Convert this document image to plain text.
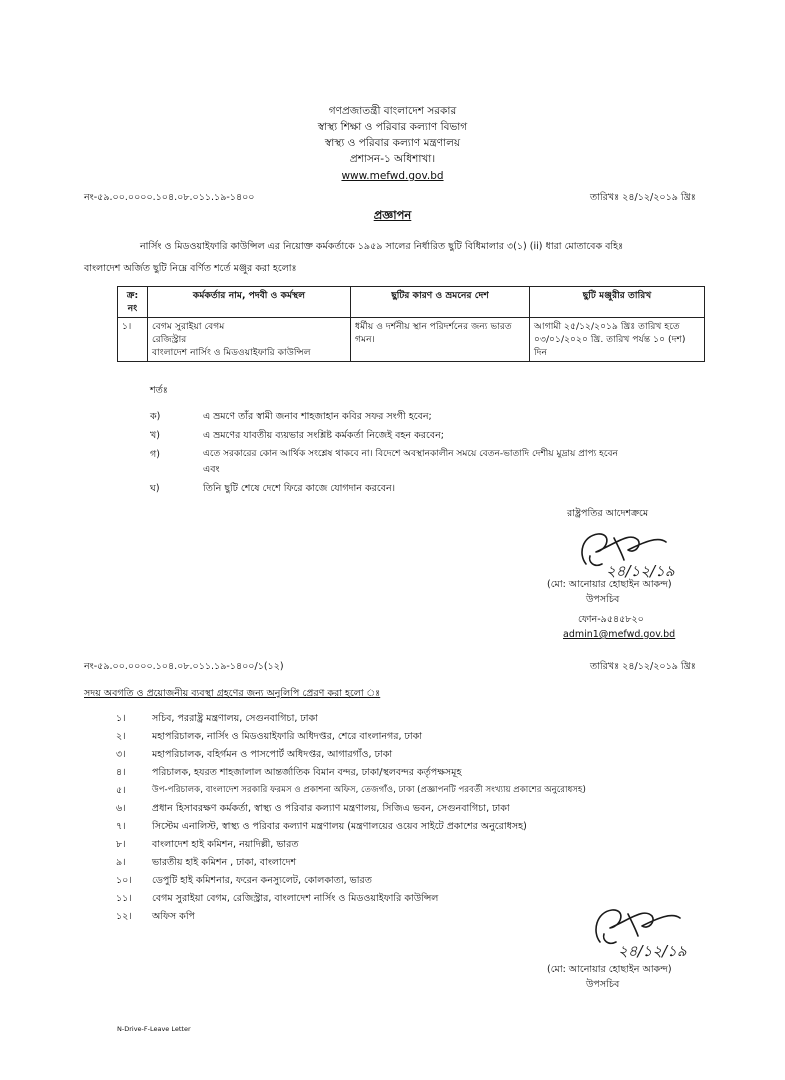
গণপ্রজাতন্ত্রী বাংলাদেশ সরকার
স্বাস্থ্য শিক্ষা ও পরিবার কল্যাণ বিভাগ
স্বাস্থ্য ও পরিবার কল্যাণ মন্ত্রণালয়
প্রশাসন-১ অধিশাখা।
www.mefwd.gov.bd
নং-৫৯.০০.০০০০.১০৪.০৮.০১১.১৯-১৪০০	তারিখঃ ২৪/১২/২০১৯ খ্রিঃ
প্রজ্ঞাপন
নার্সিং ও মিডওয়াইফারি কাউন্সিল এর নিয়োক্ত কর্মকর্তাকে ১৯৫৯ সালের নির্ধারিত ছুটি বিধিমালার ৩(১) (ii) ধারা মোতাবেক বহিঃ
বাংলাদেশ অর্জিত ছুটি নিম্নে বর্ণিত শর্তে মঞ্জুর করা হলোঃ
ক্র:
নং	কর্মকর্তার নাম, পদবী ও কর্মস্থল	ছুটির কারণ ও ভ্রমনের দেশ	ছুটি মঞ্জুরীর তারিখ
১।	বেগম সুরাইয়া বেগম
রেজিস্ট্রার
বাংলাদেশ নার্সিং ও মিডওয়াইফারি কাউন্সিল	ধর্মীয় ও দর্শনীয় স্থান পরিদর্শনের জন্য ভারত গমন।	আগামী ২৫/১২/২০১৯ খ্রিঃ তারিখ হতে ০৩/০১/২০২০ খ্রি. তারিখ পর্যন্ত ১০ (দশ) দিন
শর্তঃ
ক)	এ ভ্রমণে তাঁর স্বামী জনাব শাহজাহান কবির সফর সংগী হবেন;
খ)	এ ভ্রমণের যাবতীয় ব্যয়ভার সংশ্লিষ্ট কর্মকর্তা নিজেই বহন করবেন;
গ)	এতে সরকারের কোন আর্থিক সংশ্লেষ থাকবে না। বিদেশে অবস্থানকালীন সময়ে বেতন-ভাতাদি দেশীয় মুদ্রায় প্রাপ্য হবেন
এবং
ঘ)	তিনি ছুটি শেষে দেশে ফিরে কাজে যোগদান করবেন।
রাষ্ট্রপতির আদেশক্রমে
২৪/১২/১৯
(মো: আনোয়ার হোছাইন আকন্দ)
উপসচিব
ফোন-৯৫৪৫৮২০
admin1@mefwd.gov.bd
নং-৫৯.০০.০০০০.১০৪.০৮.০১১.১৯-১৪০০/১(১২)	তারিখঃ ২৪/১২/২০১৯ খ্রিঃ
সদয় অবগতি ও প্রয়োজনীয় ব্যবস্থা গ্রহণের জন্য অনুলিপি প্রেরণ করা হলো ঃ
১।	সচিব, পররাষ্ট্র মন্ত্রণালয়, সেগুনবাগিচা, ঢাকা
২।	মহাপরিচালক, নার্সিং ও মিডওয়াইফারি অধিদপ্তর, শেরে বাংলানগর, ঢাকা
৩।	মহাপরিচালক, বহির্গমন ও পাসপোর্ট অধিদপ্তর, আগারগাঁও, ঢাকা
৪।	পরিচালক, হযরত শাহজালাল আন্তর্জাতিক বিমান বন্দর, ঢাকা/স্থলবন্দর কর্তৃপক্ষসমূহ
৫।	উপ-পরিচালক, বাংলাদেশ সরকারি ফরমস ও প্রকাশনা অফিস, তেজগাঁও, ঢাকা (প্রজ্ঞাপনটি পরবর্তী সংখ্যায় প্রকাশের অনুরোধসহ)
৬।	প্রধান হিসাবরক্ষণ কর্মকর্তা, স্বাস্থ্য ও পরিবার কল্যাণ মন্ত্রণালয়, সিজিএ ভবন, সেগুনবাগিচা, ঢাকা
৭।	সিস্টেম এনালিস্ট, স্বাস্থ্য ও পরিবার কল্যাণ মন্ত্রণালয় (মন্ত্রণালয়ের ওয়েব সাইটে প্রকাশের অনুরোধসহ)
৮।	বাংলাদেশ হাই কমিশন, নয়াদিল্লী, ভারত
৯।	ভারতীয় হাই কমিশন , ঢাকা, বাংলাদেশ
১০। ডেপুটি হাই কমিশনার, ফরেন কনস্যুলেট, কোলকাতা, ভারত
১১। বেগম সুরাইয়া বেগম, রেজিস্ট্রার, বাংলাদেশ নার্সিং ও মিডওয়াইফারি কাউন্সিল
১২। অফিস কপি
২৪/১২/১৯
(মো: আনোয়ার হোছাইন আকন্দ)
উপসচিব
N-Drive-F-Leave Letter
